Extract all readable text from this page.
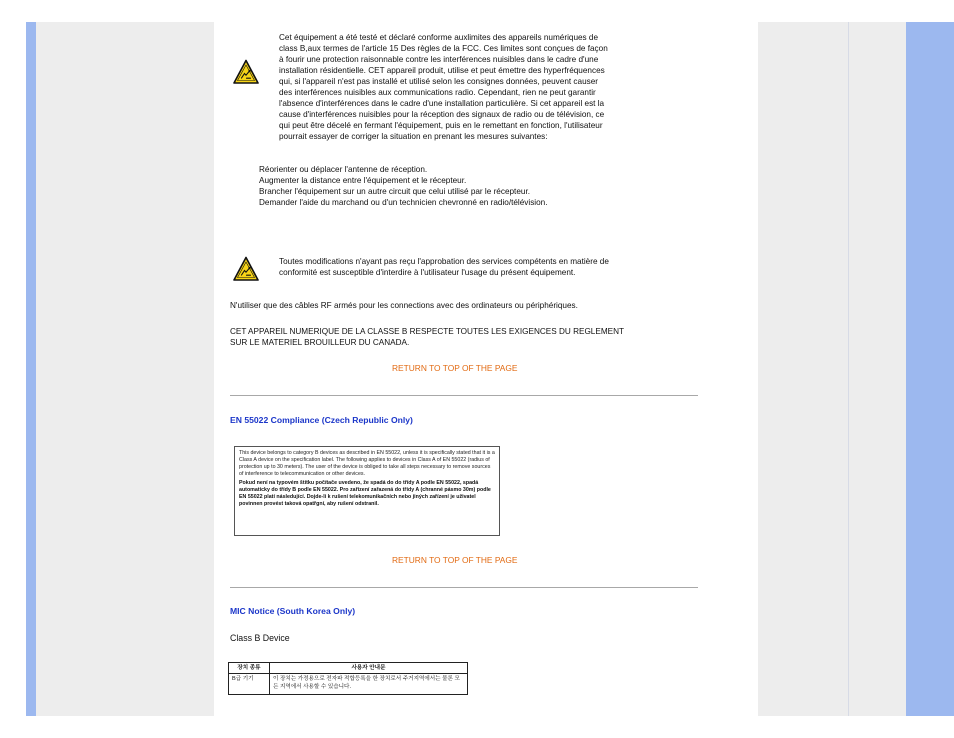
Cet équipement a été testé et déclaré conforme auxlimites des appareils numériques de

class B,aux termes de l'article 15 Des règles de la FCC. Ces limites sont conçues de façon

à fourir une protection raisonnable contre les interférences nuisibles dans le cadre d'une

installation résidentielle. CET appareil produit, utilise et peut émettre des hyperfréquences

qui, si l'appareil n'est pas installé et utilisé selon les consignes données, peuvent causer

des interférences nuisibles aux communications radio. Cependant, rien ne peut garantir

l'absence d'interférences dans le cadre d'une installation particulière. Si cet appareil est la

cause d'interférences nuisibles pour la réception des signaux de radio ou de télévision, ce

qui peut être décelé en fermant l'équipement, puis en le remettant en fonction, l'utilisateur

pourrait essayer de corriger la situation en prenant les mesures suivantes:

Réorienter ou déplacer l'antenne de réception.

Augmenter la distance entre l'équipement et le récepteur.

Brancher l'équipement sur un autre circuit que celui utilisé par le récepteur.

Demander l'aide du marchand ou d'un technicien chevronné en radio/télévision.

Toutes modifications n'ayant pas reçu l'approbation des services compétents en matière de

conformité est susceptible d'interdire à l'utilisateur l'usage du présent équipement.

N'utiliser que des câbles RF armés pour les connections avec des ordinateurs ou périphériques.

CET APPAREIL NUMERIQUE DE LA CLASSE B RESPECTE TOUTES LES EXIGENCES DU REGLEMENT

SUR LE MATERIEL BROUILLEUR DU CANADA.

RETURN TO TOP OF THE PAGE
EN 55022 Compliance (Czech Republic Only)

This device belongs to category B devices as described in EN 55022, unless it is specifically stated that it is a Class A device on the specification label. The following applies to devices in Class A of EN 55022 (radius of protection up to 30 meters). The user of the device is obliged to take all steps necessary to remove sources of interference to telecommunication or other devices.

Pokud není na typovém štítku počítače uvedeno, že spadá do do třídy A podle EN 55022, spadá automaticky do třídy B podle EN 55022. Pro zařízení zařazená do třídy A (chranné pásmo 30m) podle EN 55022 platí následující. Dojde-li k rušení telekomunikačních nebo jiných zařízení je uživatel povinnen provést taková opatřgní, aby rušení odstranil.

RETURN TO TOP OF THE PAGE
MIC Notice (South Korea Only)

Class B Device

장치 종류	사용자 안내문
B급 기기	이 장치는 가정용으로 전자파 적합등록을 한 장치로서 주거지역에서는 물론 모든 지역에서 사용할 수 있습니다.
